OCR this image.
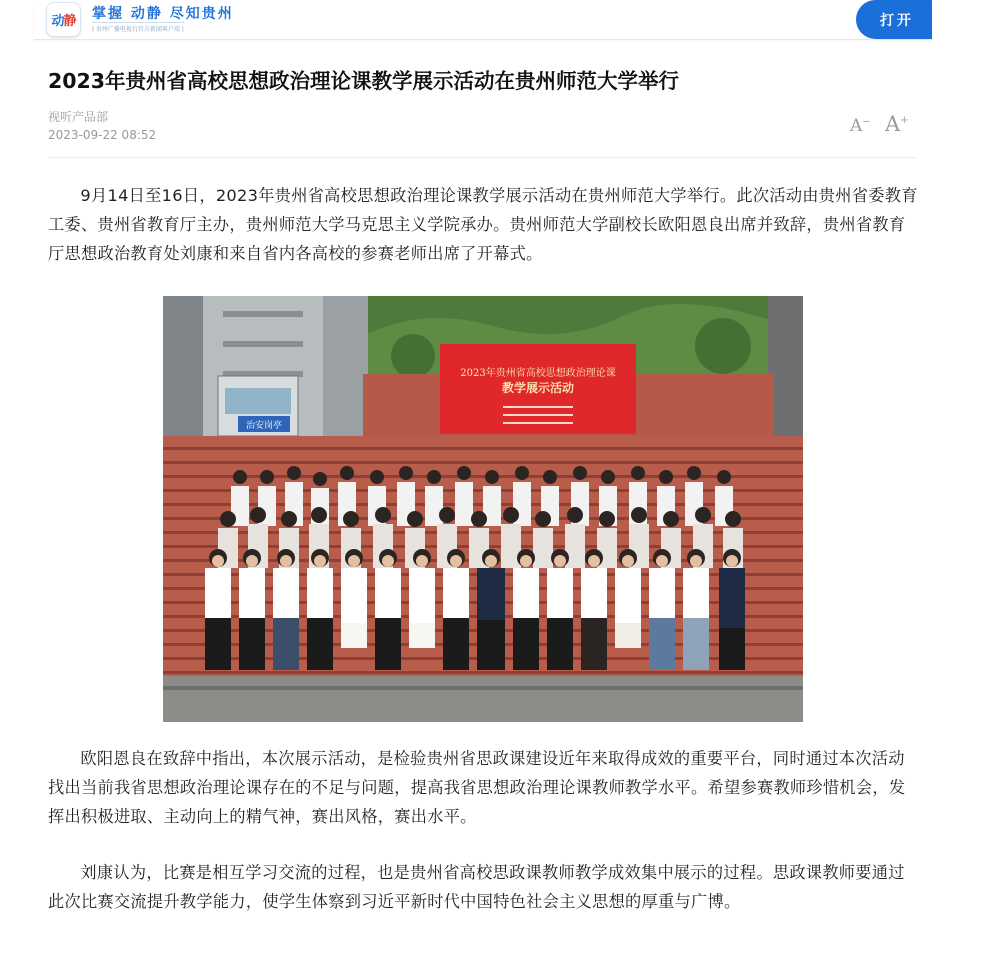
动 静 掌握 动静 尽知贵州
| 贵州广播电视台官方新闻客户端 |
打开
2023年贵州省高校思想政治理论课教学展示活动在贵州师范大学举行
视听产品部
2023-09-22 08:52	A− A+

9月14日至16日，2023年贵州省高校思想政治理论课教学展示活动在贵州师范大学举行。此次活动由贵州省委教育工委、贵州省教育厅主办，贵州师范大学马克思主义学院承办。贵州师范大学副校长欧阳恩良出席并致辞，贵州省教育厅思想政治教育处刘康和来自省内各高校的参赛老师出席了开幕式。

治安岗亭
2023年贵州省高校思想政治理论课
教学展示活动

欧阳恩良在致辞中指出，本次展示活动，是检验贵州省思政课建设近年来取得成效的重要平台，同时通过本次活动找出当前我省思想政治理论课存在的不足与问题，提高我省思想政治理论课教师教学水平。希望参赛教师珍惜机会，发挥出积极进取、主动向上的精气神，赛出风格，赛出水平。

刘康认为，比赛是相互学习交流的过程，也是贵州省高校思政课教师教学成效集中展示的过程。思政课教师要通过此次比赛交流提升教学能力，使学生体察到习近平新时代中国特色社会主义思想的厚重与广博。
